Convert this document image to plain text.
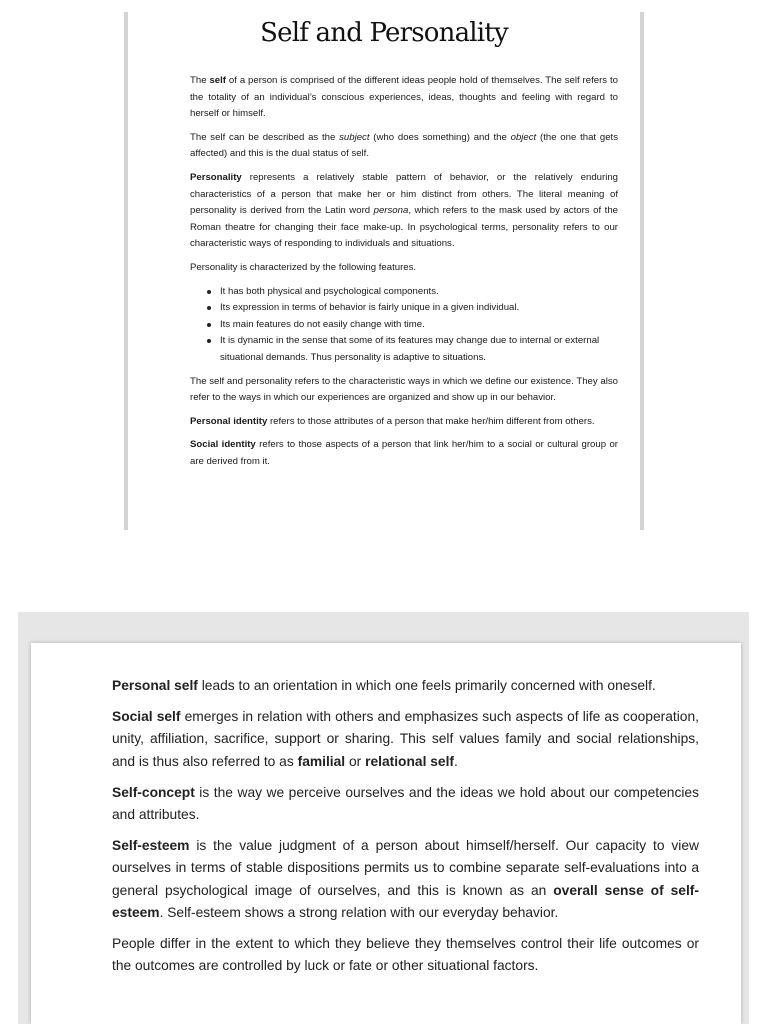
Self and Personality

The self of a person is comprised of the different ideas people hold of themselves. The self refers to the totality of an individual’s conscious experiences, ideas, thoughts and feeling with regard to herself or himself.

The self can be described as the subject (who does something) and the object (the one that gets affected) and this is the dual status of self.

Personality represents a relatively stable pattern of behavior, or the relatively enduring characteristics of a person that make her or him distinct from others. The literal meaning of personality is derived from the Latin word persona, which refers to the mask used by actors of the Roman theatre for changing their face make-up. In psychological terms, personality refers to our characteristic ways of responding to individuals and situations.

Personality is characterized by the following features.

It has both physical and psychological components.
Its expression in terms of behavior is fairly unique in a given individual.
Its main features do not easily change with time.
It is dynamic in the sense that some of its features may change due to internal or external situational demands. Thus personality is adaptive to situations.

The self and personality refers to the characteristic ways in which we define our existence. They also refer to the ways in which our experiences are organized and show up in our behavior.

Personal identity refers to those attributes of a person that make her/him different from others.

Social identity refers to those aspects of a person that link her/him to a social or cultural group or are derived from it.

Personal self leads to an orientation in which one feels primarily concerned with oneself.

Social self emerges in relation with others and emphasizes such aspects of life as cooperation, unity, affiliation, sacrifice, support or sharing. This self values family and social relationships, and is thus also referred to as familial or relational self.

Self-concept is the way we perceive ourselves and the ideas we hold about our competencies and attributes.

Self-esteem is the value judgment of a person about himself/herself. Our capacity to view ourselves in terms of stable dispositions permits us to combine separate self-evaluations into a general psychological image of ourselves, and this is known as an overall sense of self-esteem. Self-esteem shows a strong relation with our everyday behavior.

People differ in the extent to which they believe they themselves control their life outcomes or the outcomes are controlled by luck or fate or other situational factors.
